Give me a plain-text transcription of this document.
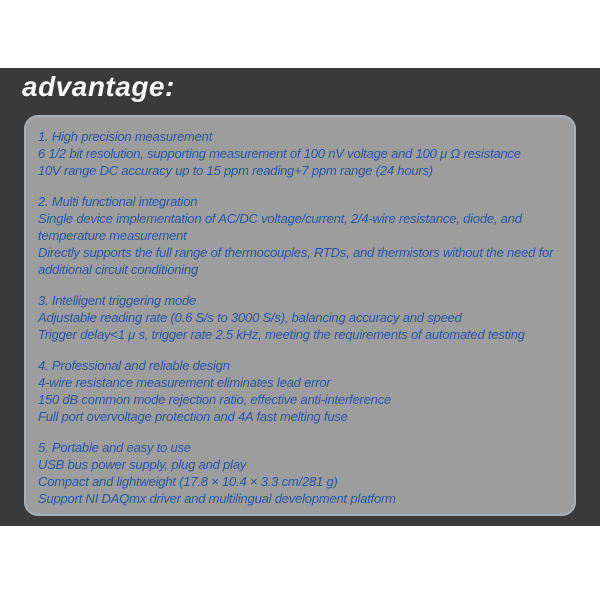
advantage:
1. High precision measurement
6 1/2 bit resolution, supporting measurement of 100 nV voltage and 100 μ Ω resistance
10V range DC accuracy up to 15 ppm reading+7 ppm range (24 hours)
2. Multi functional integration
Single device implementation of AC/DC voltage/current, 2/4-wire resistance, diode, and
temperature measurement
Directly supports the full range of thermocouples, RTDs, and thermistors without the need for
additional circuit conditioning
3. Intelligent triggering mode
Adjustable reading rate (0.6 S/s to 3000 S/s), balancing accuracy and speed
Trigger delay<1 μ s, trigger rate 2.5 kHz, meeting the requirements of automated testing
4. Professional and reliable design
4-wire resistance measurement eliminates lead error
150 dB common mode rejection ratio, effective anti-interference
Full port overvoltage protection and 4A fast melting fuse
5. Portable and easy to use
USB bus power supply, plug and play
Compact and lightweight (17.8 × 10.4 × 3.3 cm/281 g)
Support NI DAQmx driver and multilingual development platform
